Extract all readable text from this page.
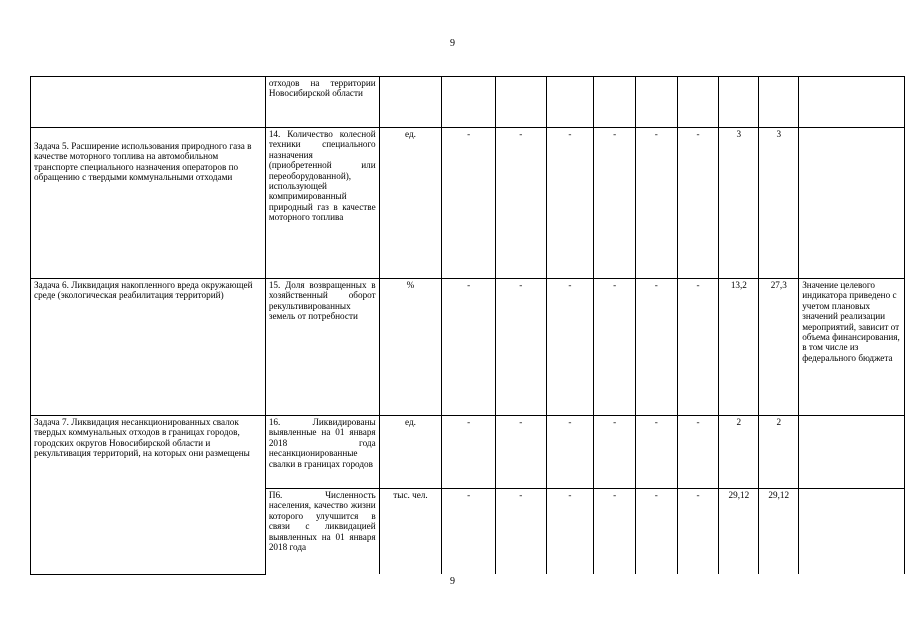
9
	отходов на территории Новосибирской области										
Задача 5. Расширение использования природного газа в качестве моторного топлива на автомобильном транспорте специального назначения операторов по обращению с твердыми коммунальными отходами	14. Количество колесной техники специального назначения (приобретенной или переоборудованной), использующей компримированный природный газ в качестве моторного топлива	ед.	-	-	-	-	-	-	3	3	
Задача 6. Ликвидация накопленного вреда окружающей среде (экологическая реабилитация территорий)	15. Доля возвращенных в хозяйственный оборот рекультивированных земель от потребности	%	-	-	-	-	-	-	13,2	27,3	Значение целевого индикатора приведено с учетом плановых значений реализации мероприятий, зависит от объема финансирования, в том числе из федерального бюджета
Задача 7. Ликвидация несанкционированных свалок твердых коммунальных отходов в границах городов, городских округов Новосибирской области и рекультивация территорий, на которых они размещены	16. Ликвидированы выявленные на 01 января 2018 года несанкционированные свалки в границах городов	ед.	-	-	-	-	-	-	2	2	
	П6. Численность населения, качество жизни которого улучшится в связи с ликвидацией выявленных на 01 января 2018 года	тыс. чел.	-	-	-	-	-	-	29,12	29,12	
9
